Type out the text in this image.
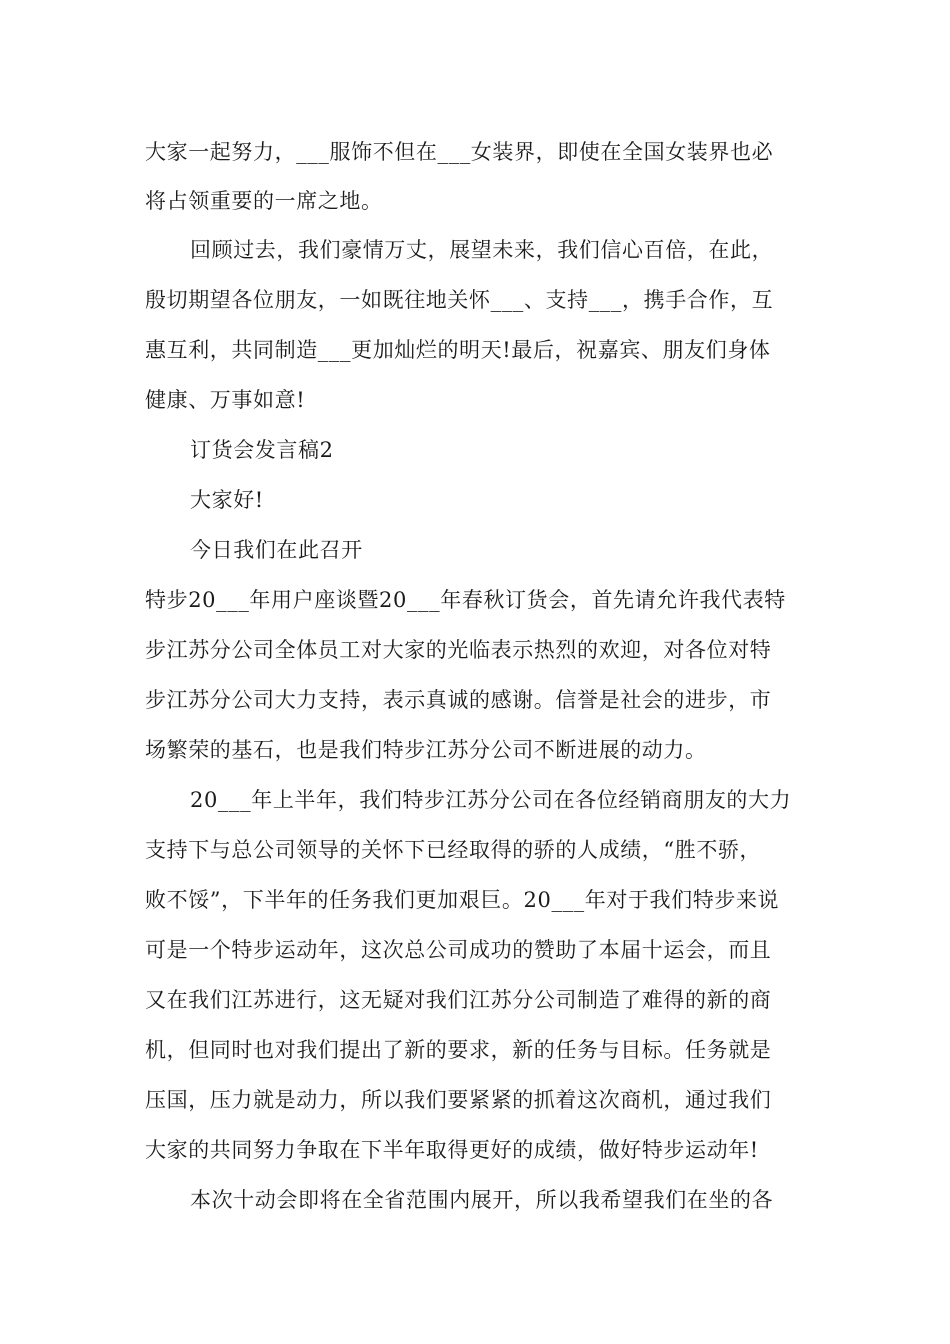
大家一起努力，___服饰不但在___女装界，即使在全国女装界也必
将占领重要的一席之地。
回顾过去，我们豪情万丈，展望未来，我们信心百倍，在此，
殷切期望各位朋友，一如既往地关怀___、支持___，携手合作，互
惠互利，共同制造___更加灿烂的明天!最后，祝嘉宾、朋友们身体
健康、万事如意!
订货会发言稿2
大家好!
今日我们在此召开
特步20___年用户座谈暨20___年春秋订货会，首先请允许我代表特
步江苏分公司全体员工对大家的光临表示热烈的欢迎，对各位对特
步江苏分公司大力支持，表示真诚的感谢。信誉是社会的进步，市
场繁荣的基石，也是我们特步江苏分公司不断进展的动力。
20___年上半年，我们特步江苏分公司在各位经销商朋友的大力
支持下与总公司领导的关怀下已经取得的骄的人成绩，“胜不骄，
败不馁”，下半年的任务我们更加艰巨。20___年对于我们特步来说
可是一个特步运动年，这次总公司成功的赞助了本届十运会，而且
又在我们江苏进行，这无疑对我们江苏分公司制造了难得的新的商
机，但同时也对我们提出了新的要求，新的任务与目标。任务就是
压国，压力就是动力，所以我们要紧紧的抓着这次商机，通过我们
大家的共同努力争取在下半年取得更好的成绩，做好特步运动年!
本次十动会即将在全省范围内展开，所以我希望我们在坐的各
